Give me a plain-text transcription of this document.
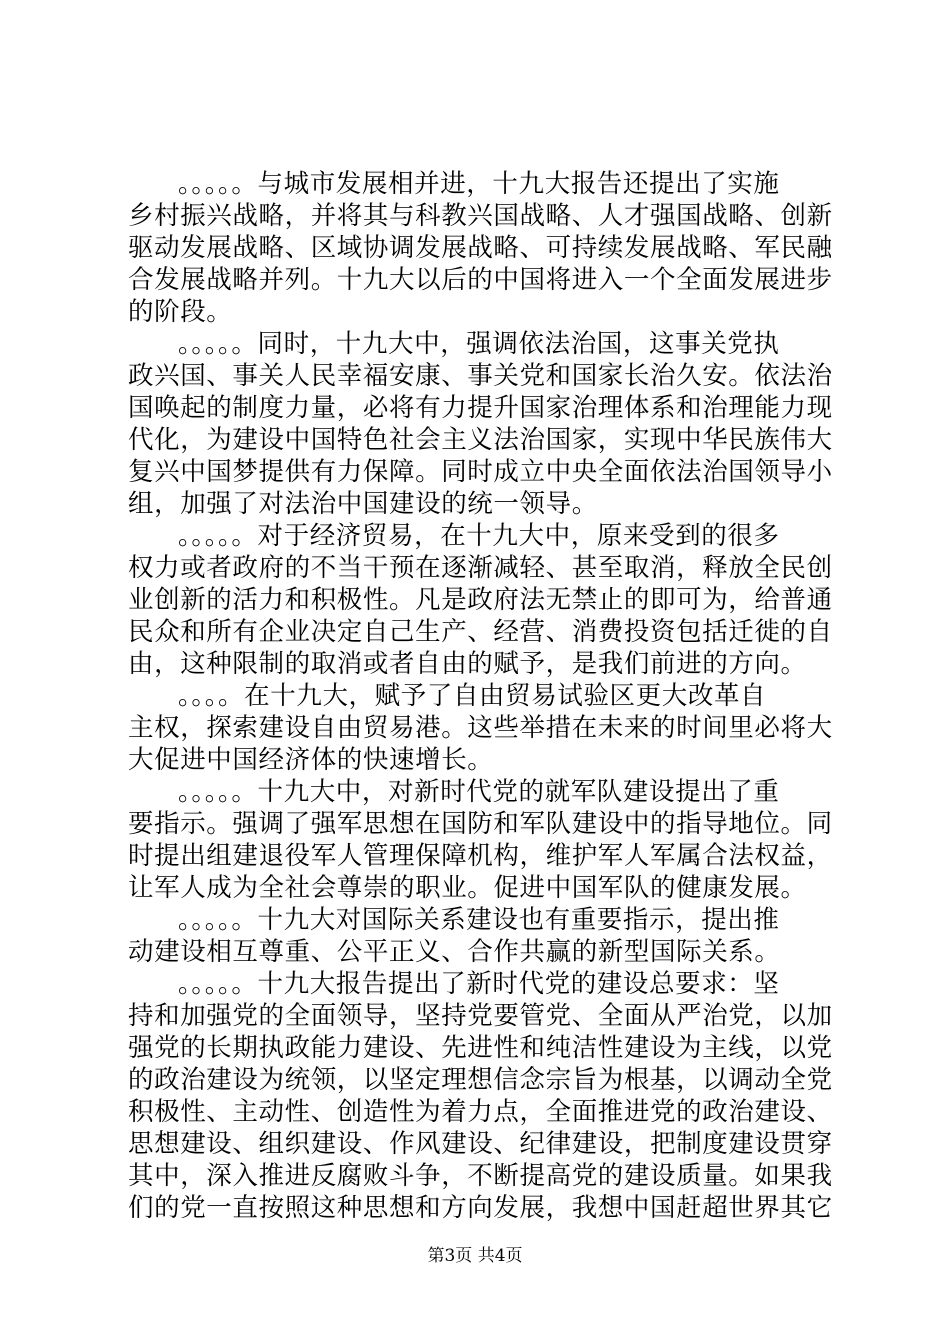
。。。。。与城市发展相并进，十九大报告还提出了实施
乡村振兴战略，并将其与科教兴国战略、人才强国战略、创新
驱动发展战略、区域协调发展战略、可持续发展战略、军民融
合发展战略并列。十九大以后的中国将进入一个全面发展进步
的阶段。
。。。。。同时，十九大中，强调依法治国，这事关党执
政兴国、事关人民幸福安康、事关党和国家长治久安。依法治
国唤起的制度力量，必将有力提升国家治理体系和治理能力现
代化，为建设中国特色社会主义法治国家，实现中华民族伟大
复兴中国梦提供有力保障。同时成立中央全面依法治国领导小
组，加强了对法治中国建设的统一领导。
。。。。。对于经济贸易，在十九大中，原来受到的很多
权力或者政府的不当干预在逐渐减轻、甚至取消，释放全民创
业创新的活力和积极性。凡是政府法无禁止的即可为，给普通
民众和所有企业决定自己生产、经营、消费投资包括迁徙的自
由，这种限制的取消或者自由的赋予，是我们前进的方向。
。。。。在十九大，赋予了自由贸易试验区更大改革自
主权，探索建设自由贸易港。这些举措在未来的时间里必将大
大促进中国经济体的快速增长。
。。。。。十九大中，对新时代党的就军队建设提出了重
要指示。强调了强军思想在国防和军队建设中的指导地位。同
时提出组建退役军人管理保障机构，维护军人军属合法权益，
让军人成为全社会尊崇的职业。促进中国军队的健康发展。
。。。。。十九大对国际关系建设也有重要指示，提出推
动建设相互尊重、公平正义、合作共赢的新型国际关系。
。。。。。十九大报告提出了新时代党的建设总要求：坚
持和加强党的全面领导，坚持党要管党、全面从严治党，以加
强党的长期执政能力建设、先进性和纯洁性建设为主线，以党
的政治建设为统领，以坚定理想信念宗旨为根基，以调动全党
积极性、主动性、创造性为着力点，全面推进党的政治建设、
思想建设、组织建设、作风建设、纪律建设，把制度建设贯穿
其中，深入推进反腐败斗争，不断提高党的建设质量。如果我
们的党一直按照这种思想和方向发展，我想中国赶超世界其它
第3页 共4页
